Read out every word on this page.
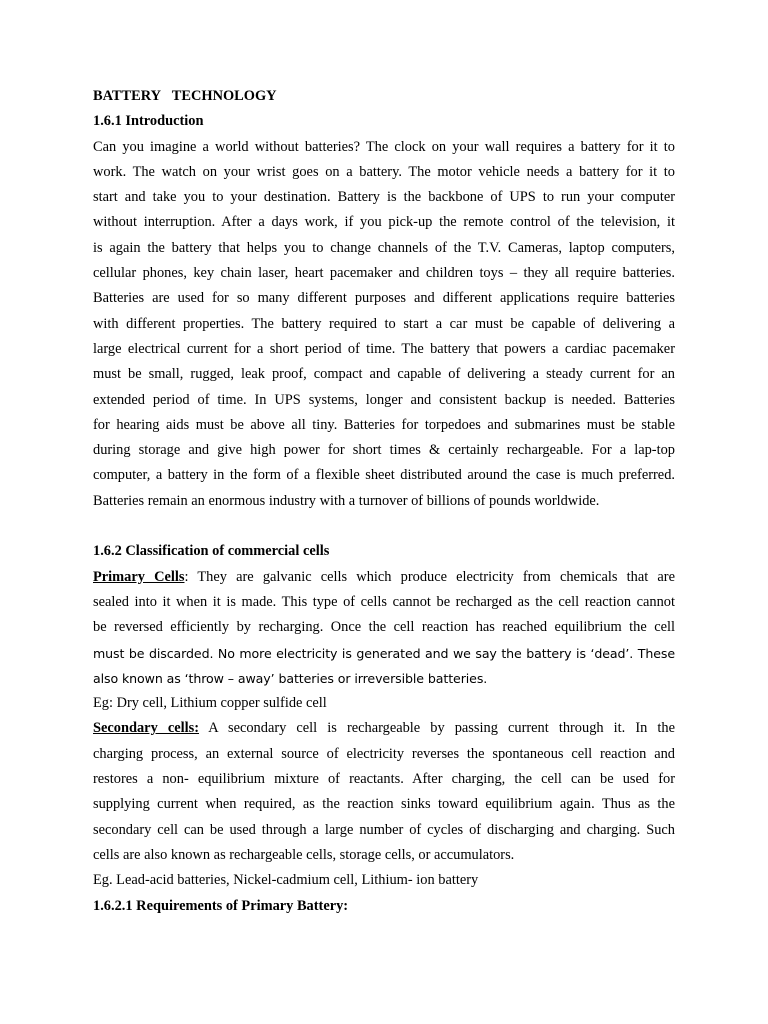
BATTERY TECHNOLOGY
1.6.1 Introduction
Can you imagine a world without batteries? The clock on your wall requires a battery for it to
work. The watch on your wrist goes on a battery. The motor vehicle needs a battery for it to
start and take you to your destination. Battery is the backbone of UPS to run your computer
without interruption. After a days work, if you pick-up the remote control of the television, it
is again the battery that helps you to change channels of the T.V. Cameras, laptop computers,
cellular phones, key chain laser, heart pacemaker and children toys – they all require batteries.
Batteries are used for so many different purposes and different applications require batteries
with different properties. The battery required to start a car must be capable of delivering a
large electrical current for a short period of time. The battery that powers a cardiac pacemaker
must be small, rugged, leak proof, compact and capable of delivering a steady current for an
extended period of time. In UPS systems, longer and consistent backup is needed. Batteries
for hearing aids must be above all tiny. Batteries for torpedoes and submarines must be stable
during storage and give high power for short times & certainly rechargeable. For a lap-top
computer, a battery in the form of a flexible sheet distributed around the case is much preferred.
Batteries remain an enormous industry with a turnover of billions of pounds worldwide.
1.6.2 Classification of commercial cells
Primary Cells: They are galvanic cells which produce electricity from chemicals that are
sealed into it when it is made. This type of cells cannot be recharged as the cell reaction cannot
be reversed efficiently by recharging. Once the cell reaction has reached equilibrium the cell
must be discarded. No more electricity is generated and we say the battery is ‘dead’. These
also known as ‘throw – away’ batteries or irreversible batteries.
Eg: Dry cell, Lithium copper sulfide cell
Secondary cells: A secondary cell is rechargeable by passing current through it. In the
charging process, an external source of electricity reverses the spontaneous cell reaction and
restores a non- equilibrium mixture of reactants. After charging, the cell can be used for
supplying current when required, as the reaction sinks toward equilibrium again. Thus as the
secondary cell can be used through a large number of cycles of discharging and charging. Such
cells are also known as rechargeable cells, storage cells, or accumulators.
Eg. Lead-acid batteries, Nickel-cadmium cell, Lithium- ion battery
1.6.2.1 Requirements of Primary Battery:
